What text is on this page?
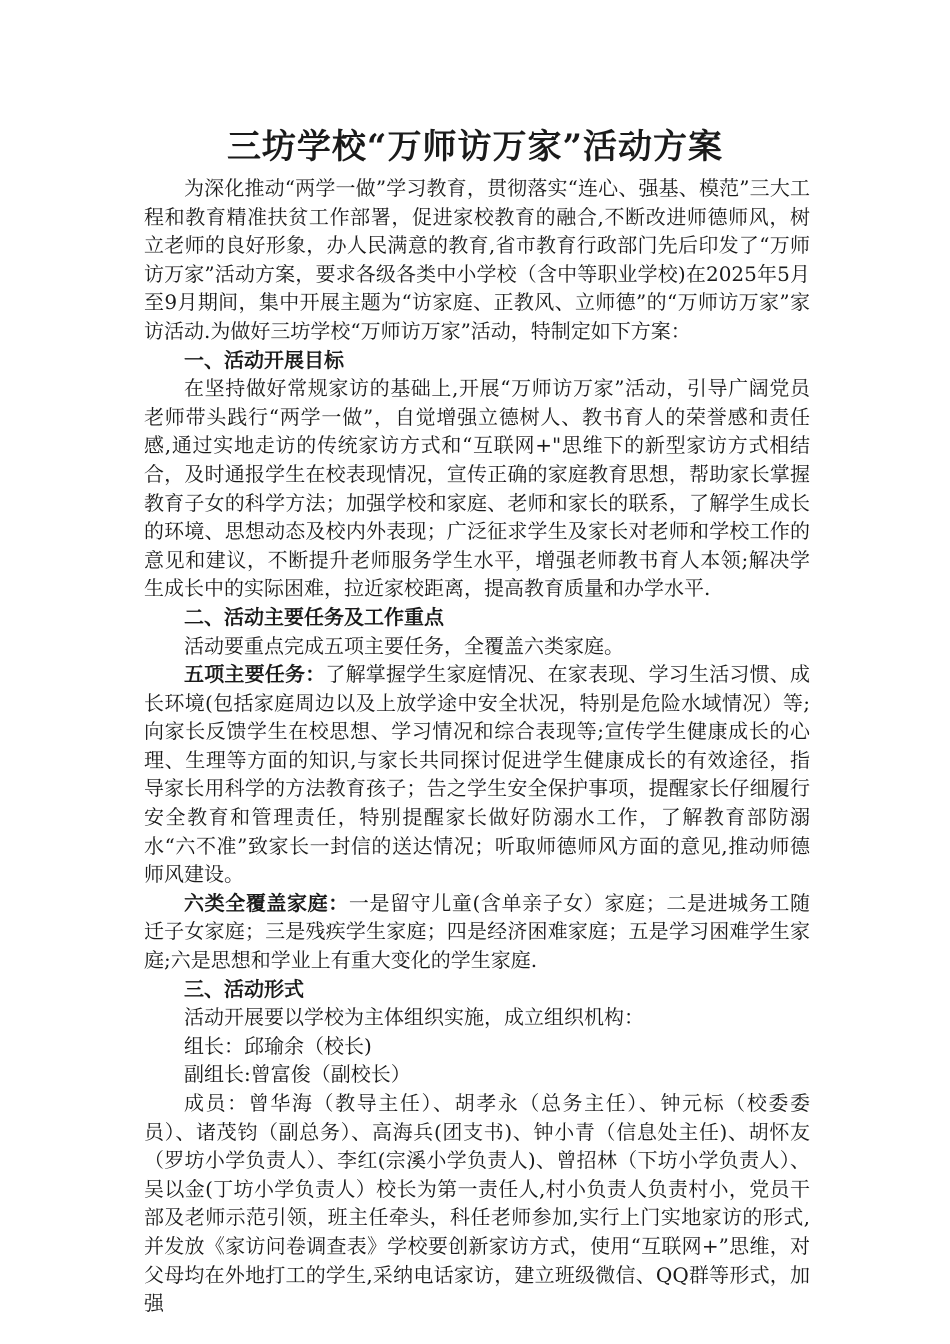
三坊学校“万师访万家”活动方案

为深化推动“两学一做”学习教育，贯彻落实“连心、强基、模范”三大工程和教育精准扶贫工作部署，促进家校教育的融合,不断改进师德师风，树立老师的良好形象，办人民满意的教育,省市教育行政部门先后印发了“万师访万家”活动方案，要求各级各类中小学校（含中等职业学校)在2025年5月至9月期间，集中开展主题为“访家庭、正教风、立师德”的“万师访万家”家访活动.为做好三坊学校“万师访万家”活动，特制定如下方案：

一、活动开展目标

在坚持做好常规家访的基础上,开展“万师访万家”活动，引导广阔党员老师带头践行“两学一做”，自觉增强立德树人、教书育人的荣誉感和责任感,通过实地走访的传统家访方式和“互联网+"思维下的新型家访方式相结合，及时通报学生在校表现情况，宣传正确的家庭教育思想，帮助家长掌握教育子女的科学方法；加强学校和家庭、老师和家长的联系，了解学生成长的环境、思想动态及校内外表现；广泛征求学生及家长对老师和学校工作的意见和建议，不断提升老师服务学生水平，增强老师教书育人本领;解决学生成长中的实际困难，拉近家校距离，提高教育质量和办学水平.

二、活动主要任务及工作重点

活动要重点完成五项主要任务，全覆盖六类家庭。

五项主要任务：了解掌握学生家庭情况、在家表现、学习生活习惯、成长环境(包括家庭周边以及上放学途中安全状况，特别是危险水域情况）等;向家长反馈学生在校思想、学习情况和综合表现等;宣传学生健康成长的心理、生理等方面的知识,与家长共同探讨促进学生健康成长的有效途径，指导家长用科学的方法教育孩子；告之学生安全保护事项，提醒家长仔细履行安全教育和管理责任，特别提醒家长做好防溺水工作，了解教育部防溺水“六不准”致家长一封信的送达情况；听取师德师风方面的意见,推动师德师风建设。

六类全覆盖家庭：一是留守儿童(含单亲子女）家庭；二是进城务工随迁子女家庭；三是残疾学生家庭；四是经济困难家庭；五是学习困难学生家庭;六是思想和学业上有重大变化的学生家庭.

三、活动形式

活动开展要以学校为主体组织实施，成立组织机构：

组长：邱瑜余（校长)

副组长:曾富俊（副校长）

成员：曾华海（教导主任）、胡孝永（总务主任）、钟元标（校委委员）、诸茂钧（副总务）、高海兵(团支书)、钟小青（信息处主任)、胡怀友（罗坊小学负责人）、李红(宗溪小学负责人)、曾招林（下坊小学负责人）、吴以金(丁坊小学负责人）校长为第一责任人,村小负责人负责村小，党员干部及老师示范引领，班主任牵头，科任老师参加,实行上门实地家访的形式,并发放《家访问卷调查表》学校要创新家访方式，使用“互联网+”思维，对父母均在外地打工的学生,采纳电话家访，建立班级微信、QQ群等形式，加强
